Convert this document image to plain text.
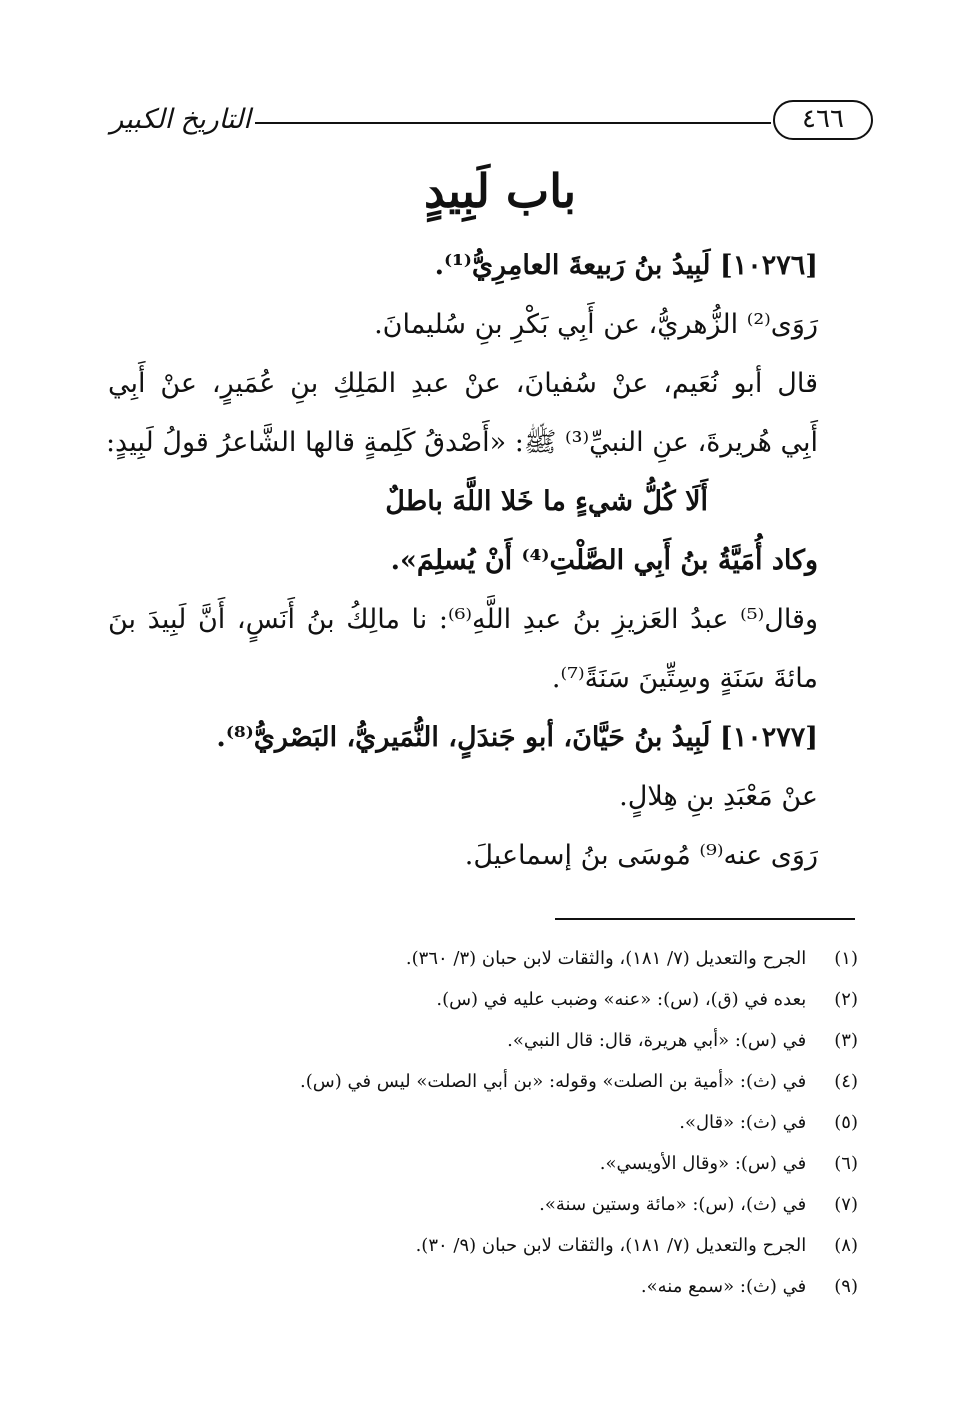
٤٦٦
التاريخ الكبير
باب لَبِيدٍ
[١٠٢٧٦] لَبِيدُ بنُ رَبيعةَ العامِرِيُّ⁽¹⁾.
رَوَى⁽²⁾ الزُّهريُّ، عن أَبِي بَكْرِ بنِ سُليمانَ.
قال أبو نُعَيم، عنْ سُفيانَ، عنْ عبدِ المَلِكِ بنِ عُمَيرٍ، عنْ أَبِي
أَبِي هُريرةَ، عنِ النبيِّ⁽³⁾ ﷺ: «أَصْدقُ كَلِمةٍ قالها الشَّاعرُ قولُ لَبِيدٍ:
أَلَا كُلُّ شيءٍ ما خَلا اللَّهَ باطلٌ
وكاد أُمَيَّةُ بنُ أَبِي الصَّلْتِ⁽⁴⁾ أَنْ يُسلِمَ».
وقال⁽⁵⁾ عبدُ العَزيزِ بنُ عبدِ اللَّهِ⁽⁶⁾: نا مالِكُ بنُ أَنَسٍ، أَنَّ لَبِيدَ بنَ
مائةَ سَنَةٍ وسِتِّينَ سَنَةً⁽⁷⁾.
[١٠٢٧٧] لَبِيدُ بنُ حَيَّانَ، أبو جَندَلٍ، النُّمَيريُّ، البَصْريُّ⁽⁸⁾.
عنْ مَعْبَدِ بنِ هِلالٍ.
رَوَى عنه⁽⁹⁾ مُوسَى بنُ إسماعيلَ.
(١) الجرح والتعديل (٧/ ١٨١)، والثقات لابن حبان (٣/ ٣٦٠).
(٢) بعده في (ق)، (س): «عنه» وضبب عليه في (س).
(٣) في (س): «أبي هريرة، قال: قال النبي».
(٤) في (ث): «أمية بن الصلت» وقوله: «بن أبي الصلت» ليس في (س).
(٥) في (ث): «قال».
(٦) في (س): «وقال الأويسي».
(٧) في (ث)، (س): «مائة وستين سنة».
(٨) الجرح والتعديل (٧/ ١٨١)، والثقات لابن حبان (٩/ ٣٠).
(٩) في (ث): «سمع منه».
